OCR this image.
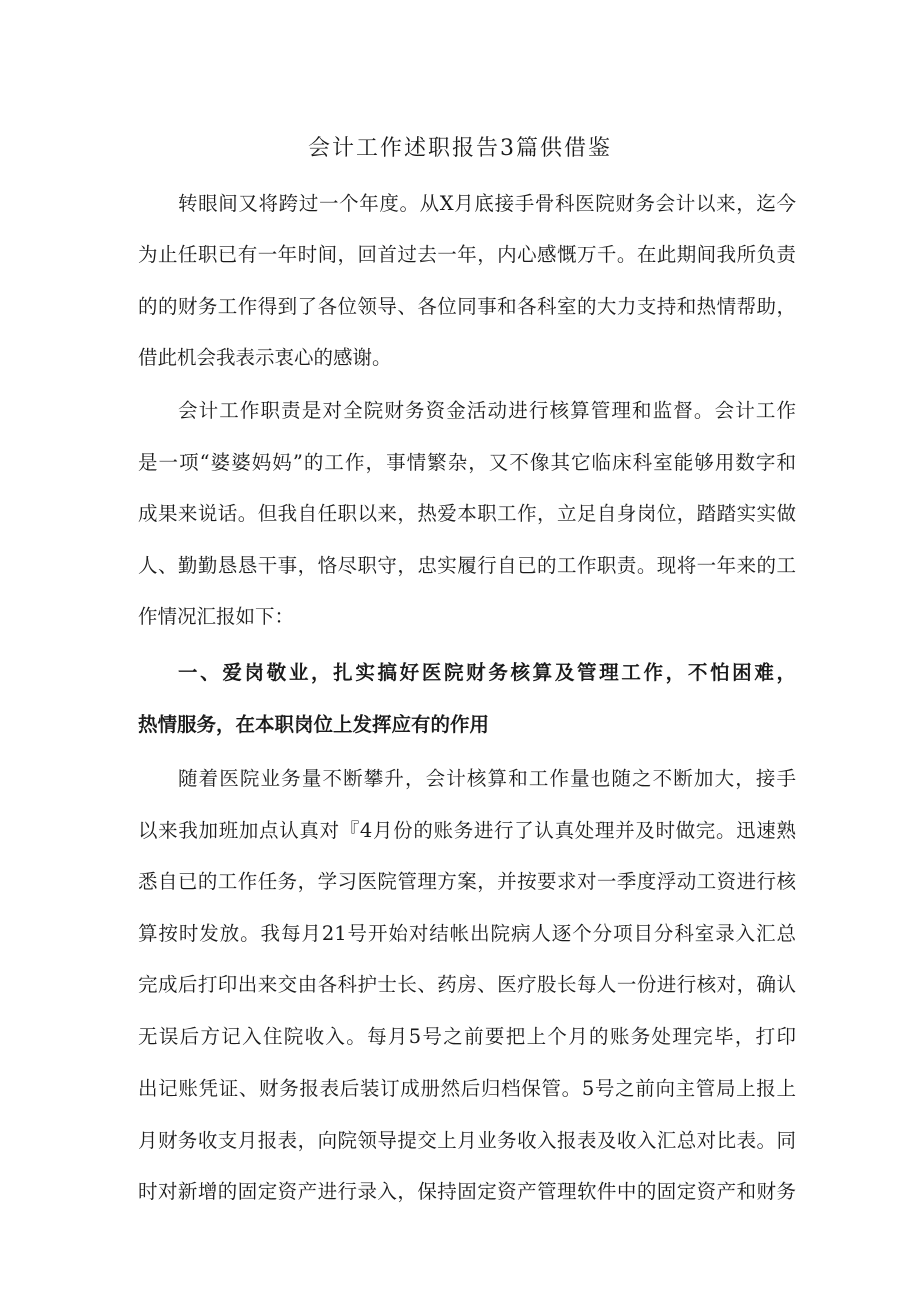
会计工作述职报告3篇供借鉴

转眼间又将跨过一个年度。从X月底接手骨科医院财务会计以来，迄今

为止任职已有一年时间，回首过去一年，内心感慨万千。在此期间我所负责

的的财务工作得到了各位领导、各位同事和各科室的大力支持和热情帮助，

借此机会我表示衷心的感谢。

会计工作职责是对全院财务资金活动进行核算管理和监督。会计工作

是一项“婆婆妈妈”的工作，事情繁杂，又不像其它临床科室能够用数字和

成果来说话。但我自任职以来，热爱本职工作，立足自身岗位，踏踏实实做

人、勤勤恳恳干事，恪尽职守，忠实履行自已的工作职责。现将一年来的工

作情况汇报如下：

一、爱岗敬业，扎实搞好医院财务核算及管理工作，不怕困难，

热情服务，在本职岗位上发挥应有的作用

随着医院业务量不断攀升，会计核算和工作量也随之不断加大，接手

以来我加班加点认真对『4月份的账务进行了认真处理并及时做完。迅速熟

悉自已的工作任务，学习医院管理方案，并按要求对一季度浮动工资进行核

算按时发放。我每月21号开始对结帐出院病人逐个分项目分科室录入汇总

完成后打印出来交由各科护士长、药房、医疗股长每人一份进行核对，确认

无误后方记入住院收入。每月5号之前要把上个月的账务处理完毕，打印

出记账凭证、财务报表后装订成册然后归档保管。5号之前向主管局上报上

月财务收支月报表，向院领导提交上月业务收入报表及收入汇总对比表。同

时对新增的固定资产进行录入，保持固定资产管理软件中的固定资产和财务
